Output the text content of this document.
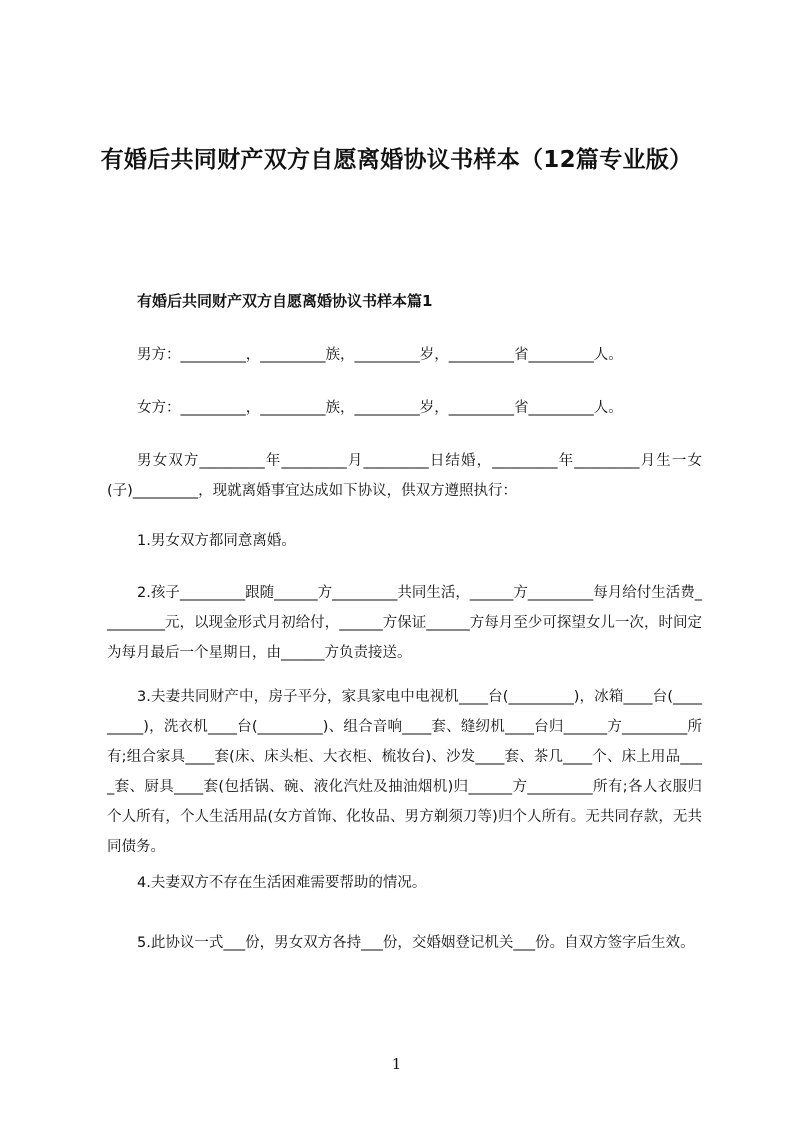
有婚后共同财产双方自愿离婚协议书样本（12篇专业版）
有婚后共同财产双方自愿离婚协议书样本篇1

男方：_________，_________族，_________岁，_________省_________人。

女方：_________，_________族，_________岁，_________省_________人。

男女双方_________年_________月_________日结婚，_________年_________月生一女(子)_________，现就离婚事宜达成如下协议，供双方遵照执行：

1.男女双方都同意离婚。

2.孩子_________跟随______方_________共同生活，______方_________每月给付生活费_________元，以现金形式月初给付，______方保证______方每月至少可探望女儿一次，时间定为每月最后一个星期日，由______方负责接送。

3.夫妻共同财产中，房子平分，家具家电中电视机____台(_________)，冰箱____台(_________)，洗衣机____台(_________)、组合音响____套、缝纫机____台归______方_________所有;组合家具____套(床、床头柜、大衣柜、梳妆台)、沙发____套、茶几____个、床上用品____套、厨具____套(包括锅、碗、液化汽灶及抽油烟机)归______方_________所有;各人衣服归个人所有，个人生活用品(女方首饰、化妆品、男方剃须刀等)归个人所有。无共同存款，无共同债务。

4.夫妻双方不存在生活困难需要帮助的情况。

5.此协议一式___份，男女双方各持___份，交婚姻登记机关___份。自双方签字后生效。

1
